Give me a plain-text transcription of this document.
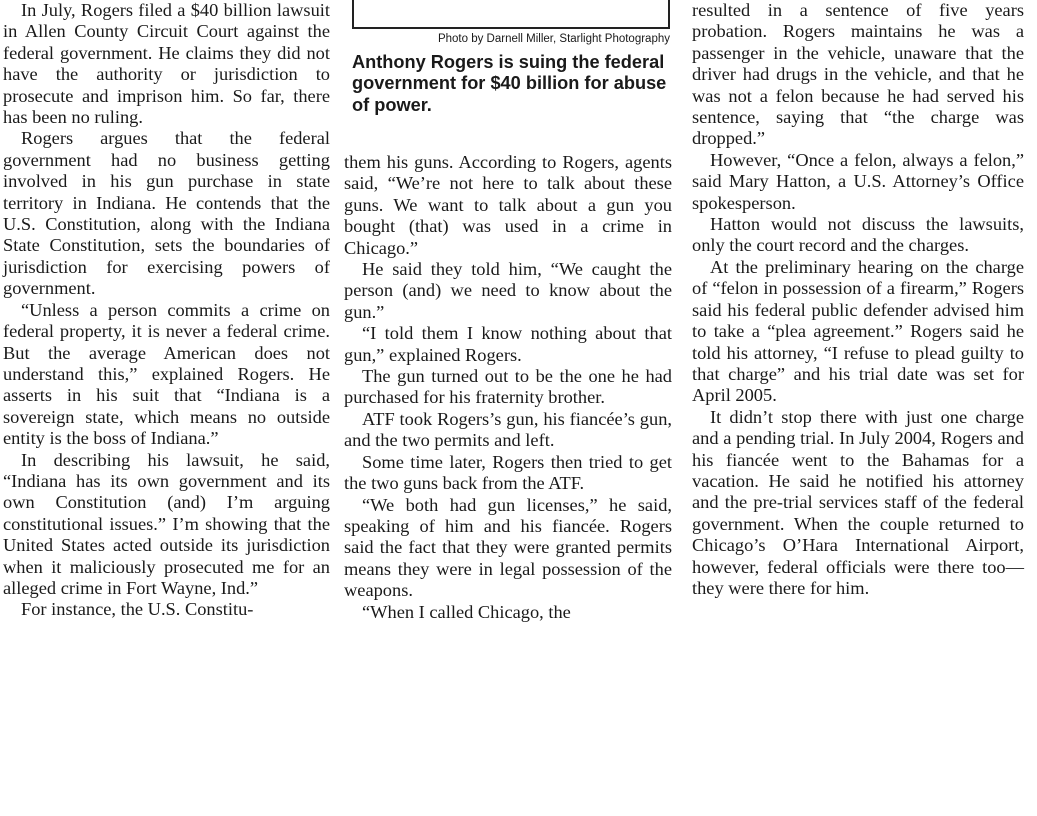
In July, Rogers filed a $40 billion lawsuit in Allen County Circuit Court against the federal government. He claims they did not have the authority or jurisdiction to prosecute and imprison him. So far, there has been no ruling.

Rogers argues that the federal government had no business getting involved in his gun purchase in state territory in Indiana. He contends that the U.S. Constitution, along with the Indiana State Constitution, sets the boundaries of jurisdiction for exercising powers of government.

“Unless a person commits a crime on federal property, it is never a federal crime. But the average American does not understand this,” explained Rogers. He asserts in his suit that “Indiana is a sovereign state, which means no outside entity is the boss of Indiana.”

In describing his lawsuit, he said, “Indiana has its own government and its own Constitution (and) I’m arguing constitutional issues.” I’m showing that the United States acted outside its jurisdiction when it maliciously prosecuted me for an alleged crime in Fort Wayne, Ind.”

For instance, the U.S. Constitu-

Photo by Darnell Miller, Starlight Photography
Anthony Rogers is suing the federal government for $40 billion for abuse of power.

them his guns. According to Rogers, agents said, “We’re not here to talk about these guns. We want to talk about a gun you bought (that) was used in a crime in Chicago.”

He said they told him, “We caught the person (and) we need to know about the gun.”

“I told them I know nothing about that gun,” explained Rogers.

The gun turned out to be the one he had purchased for his fraternity brother.

ATF took Rogers’s gun, his fiancée’s gun, and the two permits and left.

Some time later, Rogers then tried to get the two guns back from the ATF.

“We both had gun licenses,” he said, speaking of him and his fiancée. Rogers said the fact that they were granted permits means they were in legal possession of the weapons.

“When I called Chicago, the

resulted in a sentence of five years probation. Rogers maintains he was a passenger in the vehicle, unaware that the driver had drugs in the vehicle, and that he was not a felon because he had served his sentence, saying that “the charge was dropped.”

However, “Once a felon, always a felon,” said Mary Hatton, a U.S. Attorney’s Office spokesperson.

Hatton would not discuss the lawsuits, only the court record and the charges.

At the preliminary hearing on the charge of “felon in possession of a firearm,” Rogers said his federal public defender advised him to take a “plea agreement.” Rogers said he told his attorney, “I refuse to plead guilty to that charge” and his trial date was set for April 2005.

It didn’t stop there with just one charge and a pending trial. In July 2004, Rogers and his fiancée went to the Bahamas for a vacation. He said he notified his attorney and the pre-trial services staff of the federal government. When the couple returned to Chicago’s O’Hara International Airport, however, federal officials were there too—they were there for him.
